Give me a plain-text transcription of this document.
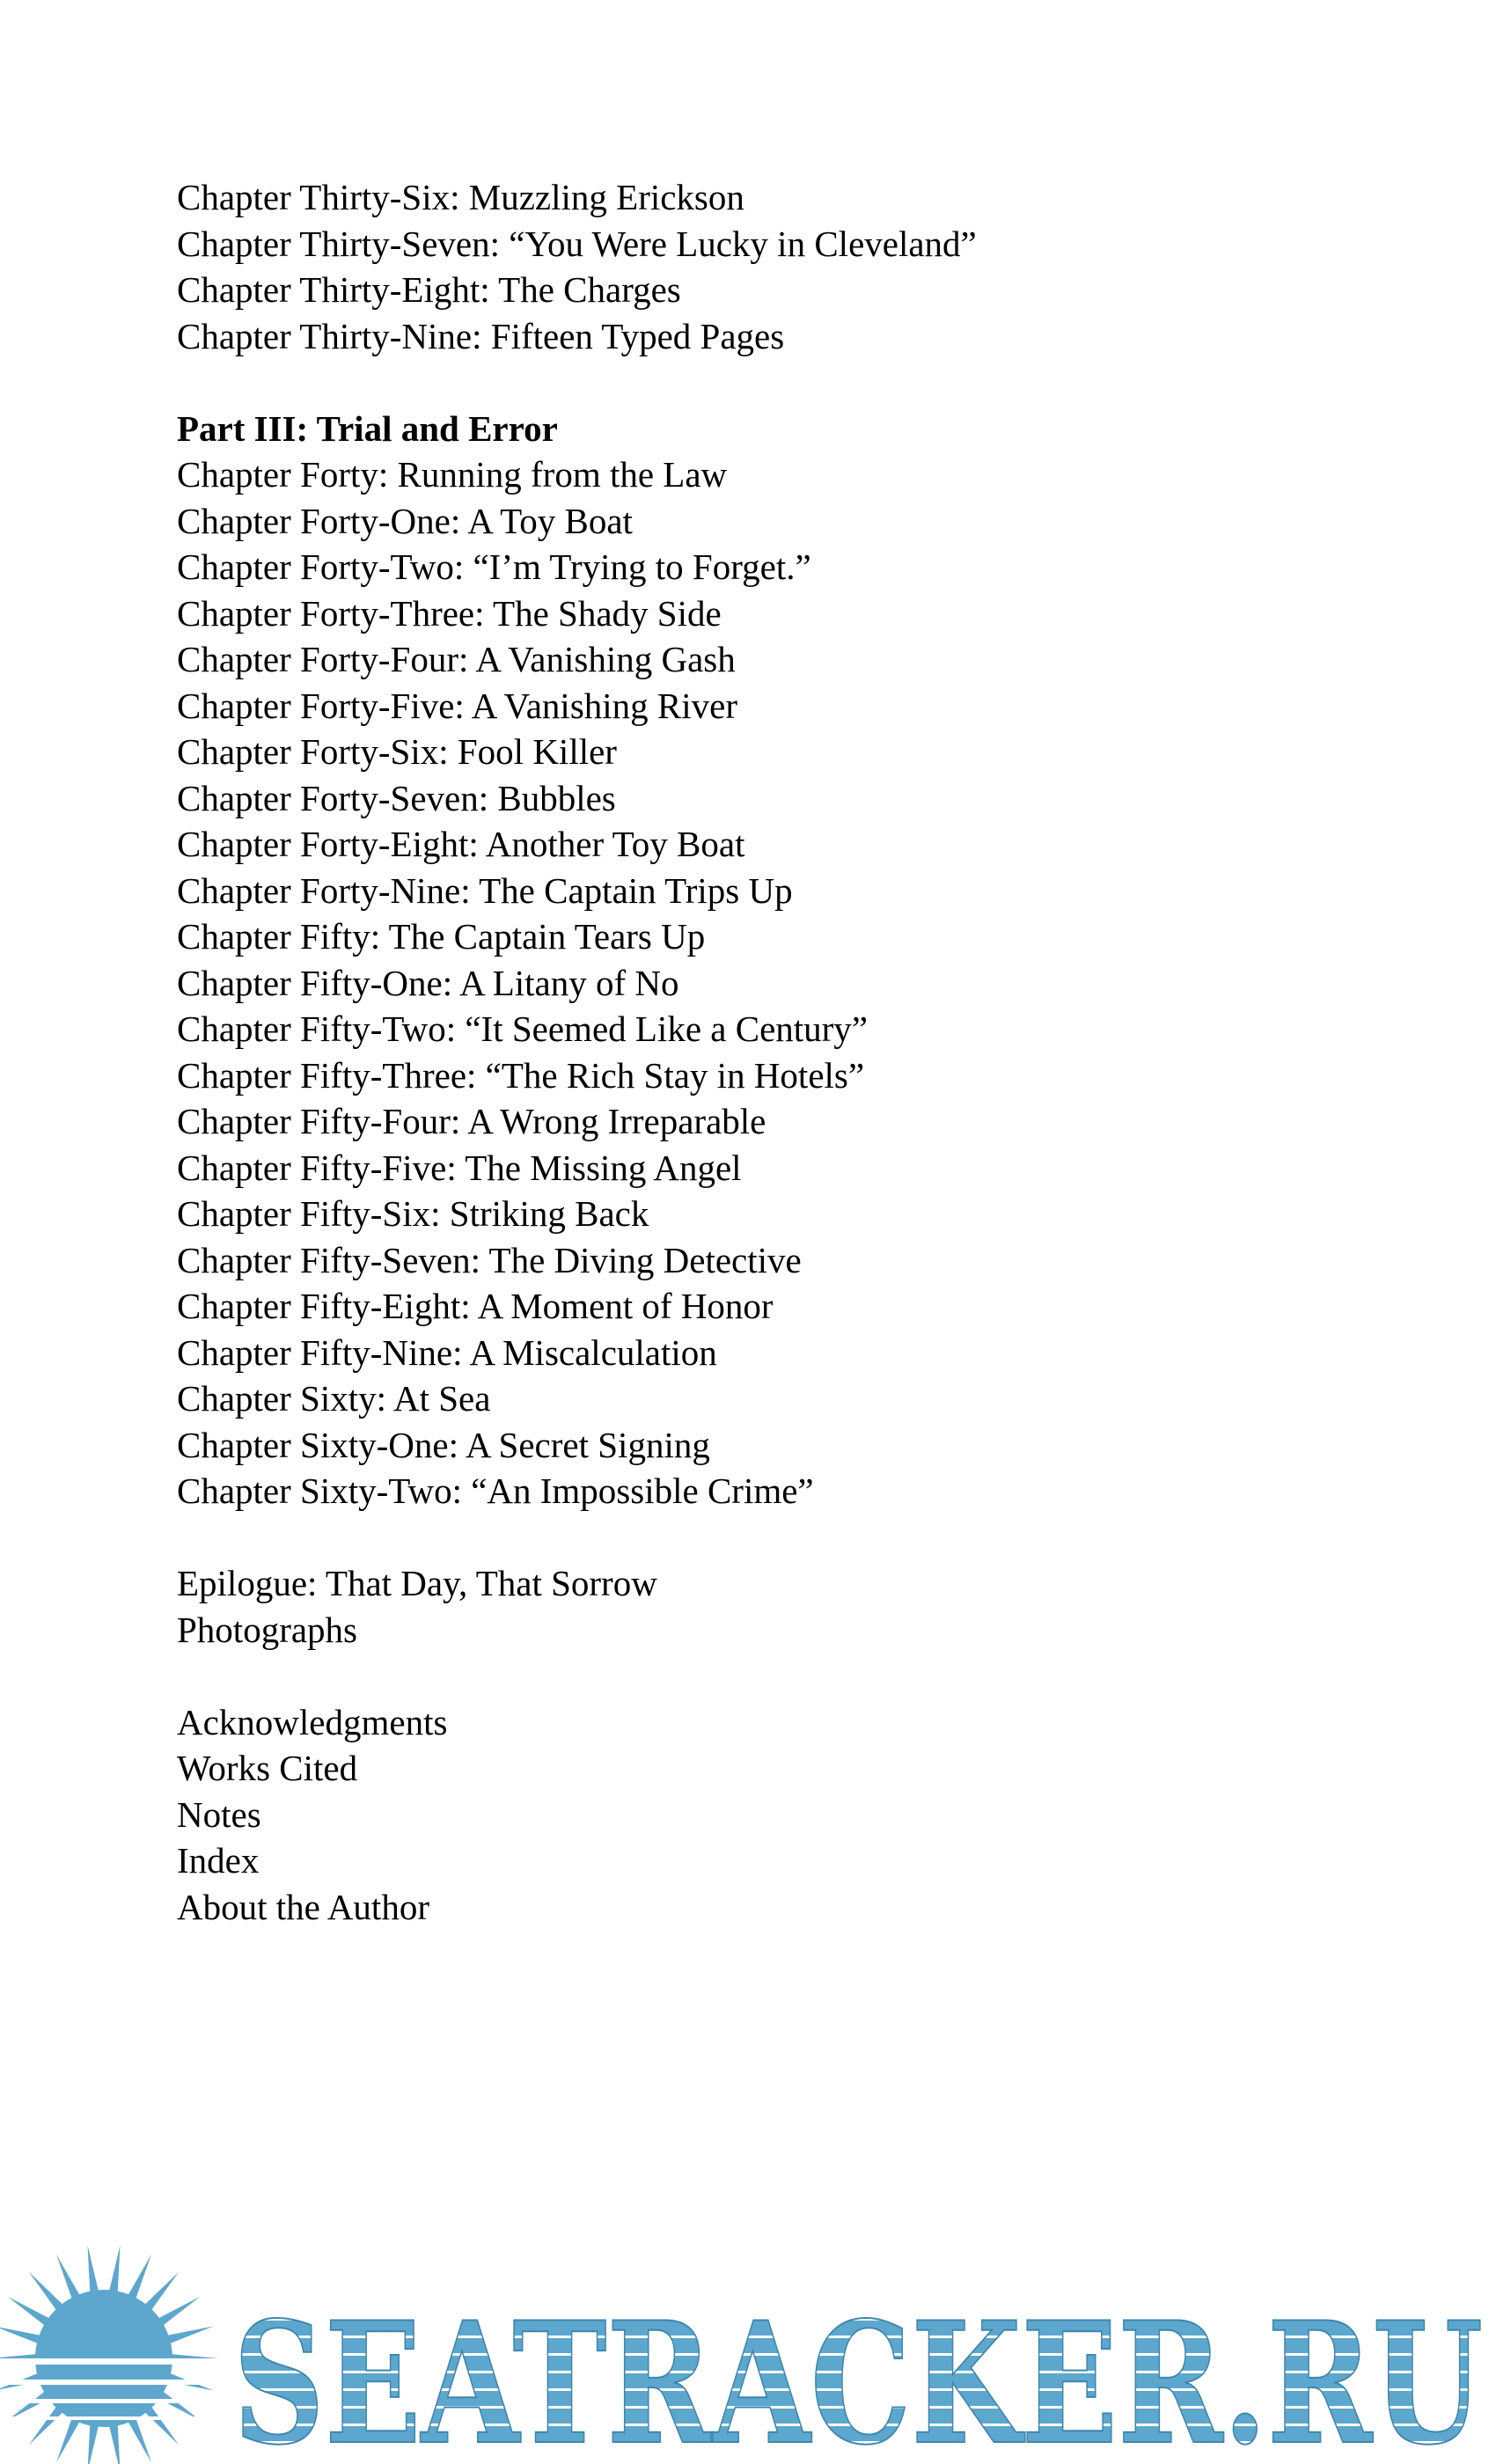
Chapter Thirty-Six: Muzzling Erickson
Chapter Thirty-Seven: “You Were Lucky in Cleveland”
Chapter Thirty-Eight: The Charges
Chapter Thirty-Nine: Fifteen Typed Pages
Part III: Trial and Error
Chapter Forty: Running from the Law
Chapter Forty-One: A Toy Boat
Chapter Forty-Two: “I’m Trying to Forget.”
Chapter Forty-Three: The Shady Side
Chapter Forty-Four: A Vanishing Gash
Chapter Forty-Five: A Vanishing River
Chapter Forty-Six: Fool Killer
Chapter Forty-Seven: Bubbles
Chapter Forty-Eight: Another Toy Boat
Chapter Forty-Nine: The Captain Trips Up
Chapter Fifty: The Captain Tears Up
Chapter Fifty-One: A Litany of No
Chapter Fifty-Two: “It Seemed Like a Century”
Chapter Fifty-Three: “The Rich Stay in Hotels”
Chapter Fifty-Four: A Wrong Irreparable
Chapter Fifty-Five: The Missing Angel
Chapter Fifty-Six: Striking Back
Chapter Fifty-Seven: The Diving Detective
Chapter Fifty-Eight: A Moment of Honor
Chapter Fifty-Nine: A Miscalculation
Chapter Sixty: At Sea
Chapter Sixty-One: A Secret Signing
Chapter Sixty-Two: “An Impossible Crime”
Epilogue: That Day, That Sorrow
Photographs
Acknowledgments
Works Cited
Notes
Index
About the Author
SEATRACKER.RU
